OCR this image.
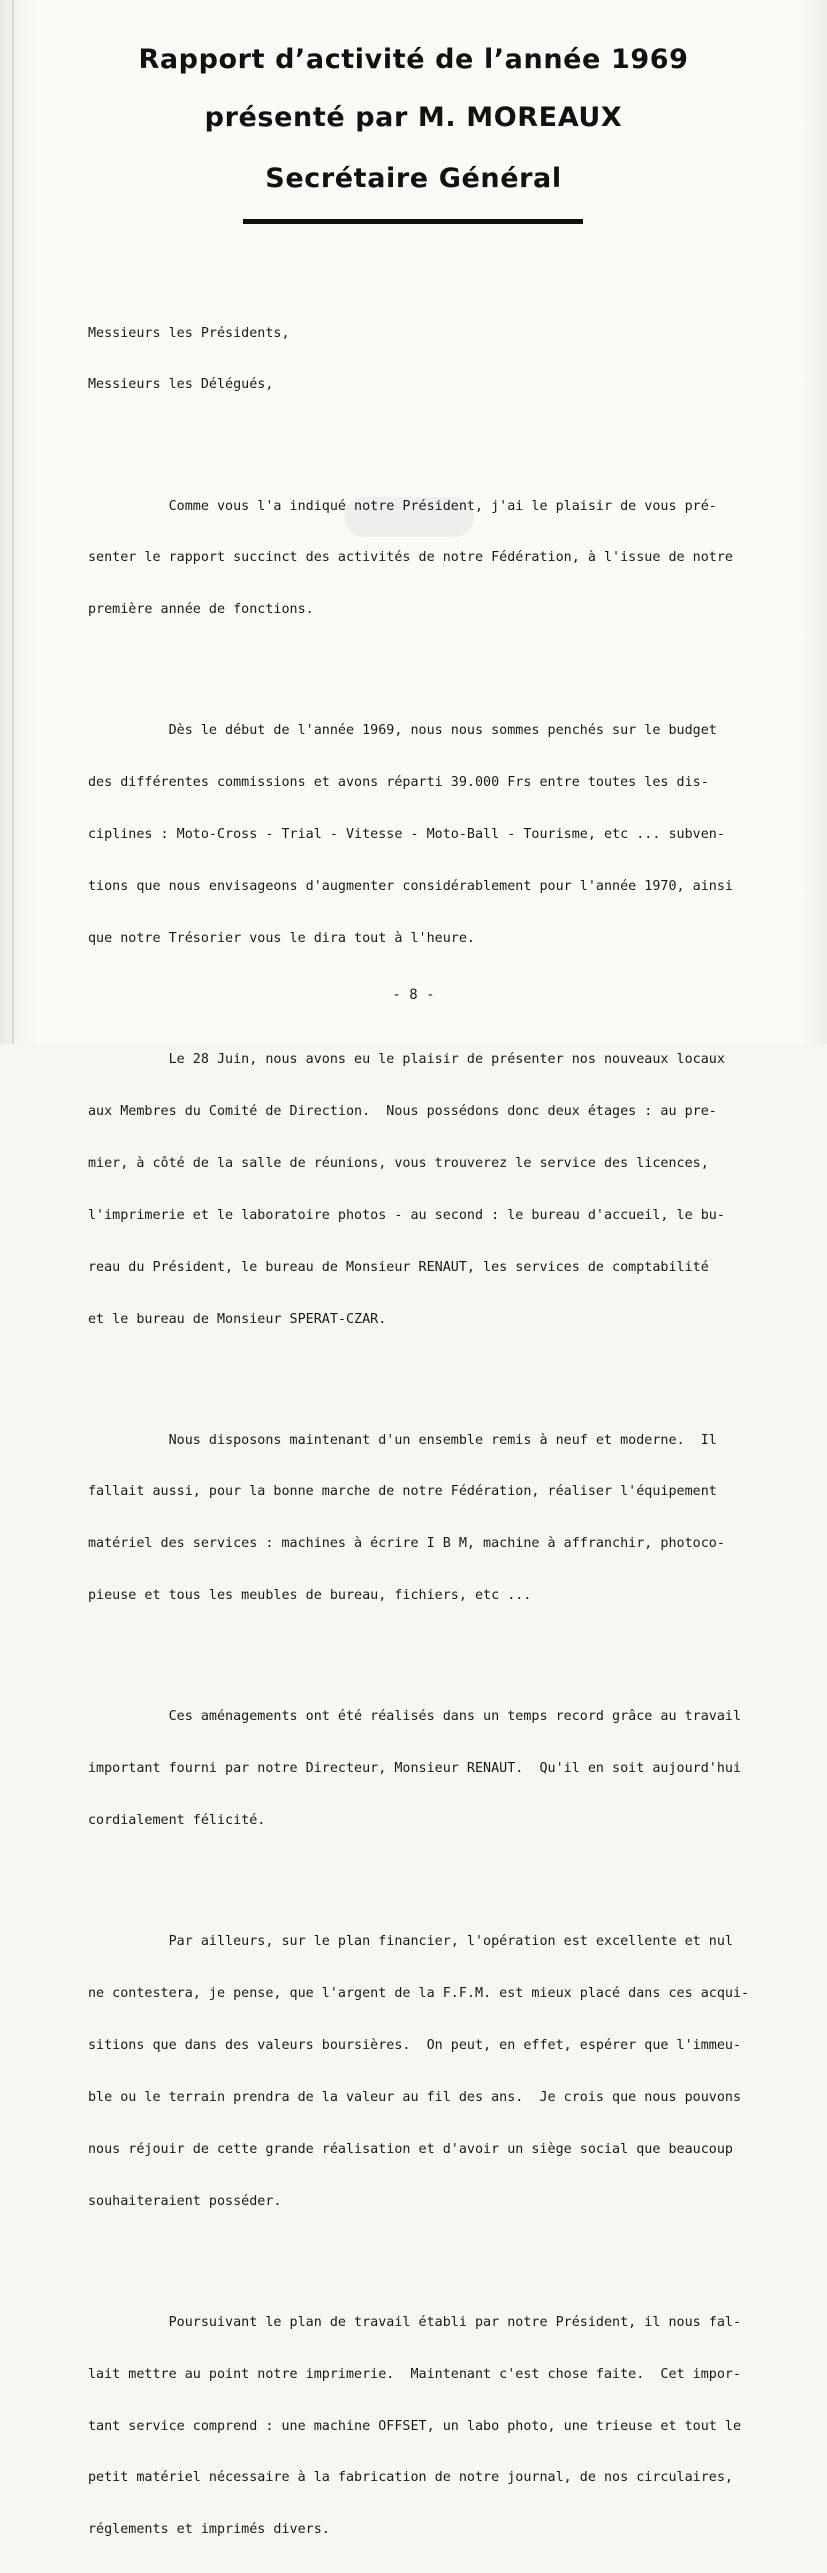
Rapport d’activité de l’année 1969
présenté par M. MOREAUX
Secrétaire Général

Messieurs les Présidents,

Messieurs les Délégués,

Comme vous l'a indiqué notre Président, j'ai le plaisir de vous pré-

senter le rapport succinct des activités de notre Fédération, à l'issue de notre

première année de fonctions.

Dès le début de l'année 1969, nous nous sommes penchés sur le budget

des différentes commissions et avons réparti 39.000 Frs entre toutes les dis-

ciplines : Moto-Cross - Trial - Vitesse - Moto-Ball - Tourisme, etc ... subven-

tions que nous envisageons d'augmenter considérablement pour l'année 1970, ainsi

que notre Trésorier vous le dira tout à l'heure.

Le 28 Juin, nous avons eu le plaisir de présenter nos nouveaux locaux

aux Membres du Comité de Direction.  Nous possédons donc deux étages : au pre-

mier, à côté de la salle de réunions, vous trouverez le service des licences,

l'imprimerie et le laboratoire photos - au second : le bureau d'accueil, le bu-

reau du Président, le bureau de Monsieur RENAUT, les services de comptabilité

et le bureau de Monsieur SPERAT-CZAR.

Nous disposons maintenant d'un ensemble remis à neuf et moderne.  Il

fallait aussi, pour la bonne marche de notre Fédération, réaliser l'équipement

matériel des services : machines à écrire I B M, machine à affranchir, photoco-

pieuse et tous les meubles de bureau, fichiers, etc ...

Ces aménagements ont été réalisés dans un temps record grâce au travail

important fourni par notre Directeur, Monsieur RENAUT.  Qu'il en soit aujourd'hui

cordialement félicité.

Par ailleurs, sur le plan financier, l'opération est excellente et nul

ne contestera, je pense, que l'argent de la F.F.M. est mieux placé dans ces acqui-

sitions que dans des valeurs boursières.  On peut, en effet, espérer que l'immeu-

ble ou le terrain prendra de la valeur au fil des ans.  Je crois que nous pouvons

nous réjouir de cette grande réalisation et d'avoir un siège social que beaucoup

souhaiteraient posséder.

Poursuivant le plan de travail établi par notre Président, il nous fal-

lait mettre au point notre imprimerie.  Maintenant c'est chose faite.  Cet impor-

tant service comprend : une machine OFFSET, un labo photo, une trieuse et tout le

petit matériel nécessaire à la fabrication de notre journal, de nos circulaires,

réglements et imprimés divers.

- 8 -
